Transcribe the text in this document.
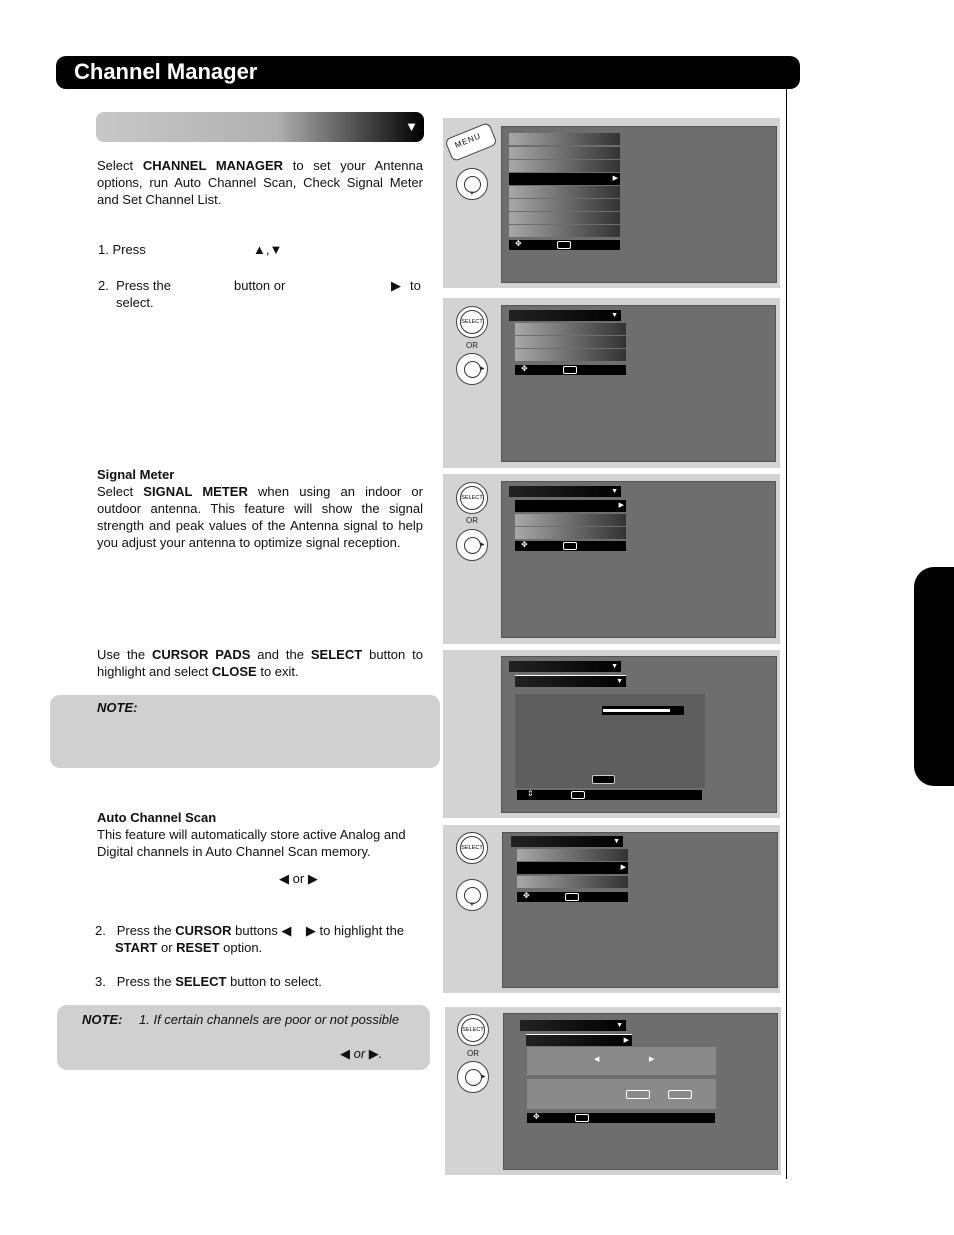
Channel Manager
▼
Select CHANNEL MANAGER to set your Antenna options, run Auto Channel Scan, Check Signal Meter and Set Channel List.
1. Press	▲,▼
2. Press the	button or	▶ to
select.
Signal Meter
Select SIGNAL METER when using an indoor or outdoor antenna. This feature will show the signal strength and peak values of the Antenna signal to help you adjust your antenna to optimize signal reception.
Use the CURSOR PADS and the SELECT button to highlight and select CLOSE to exit.
NOTE:
Auto Channel Scan
This feature will automatically store active Analog and Digital channels in Auto Channel Scan memory.
◀ or ▶
2. Press the CURSOR buttons ◀ ▶ to highlight the
START or RESET option.
3. Press the SELECT button to select.
NOTE: 1. If certain channels are poor or not possible
◀ or ▶.
MENU
▼
▶
✥
SELECT
OR
▶
▼
✥
SELECT
OR
▶
▼
▶
✥
▼
▼
⇕
SELECT
▼
▼
▶
✥
SELECT
OR
▶
▼
▶
◀	▶
✥
